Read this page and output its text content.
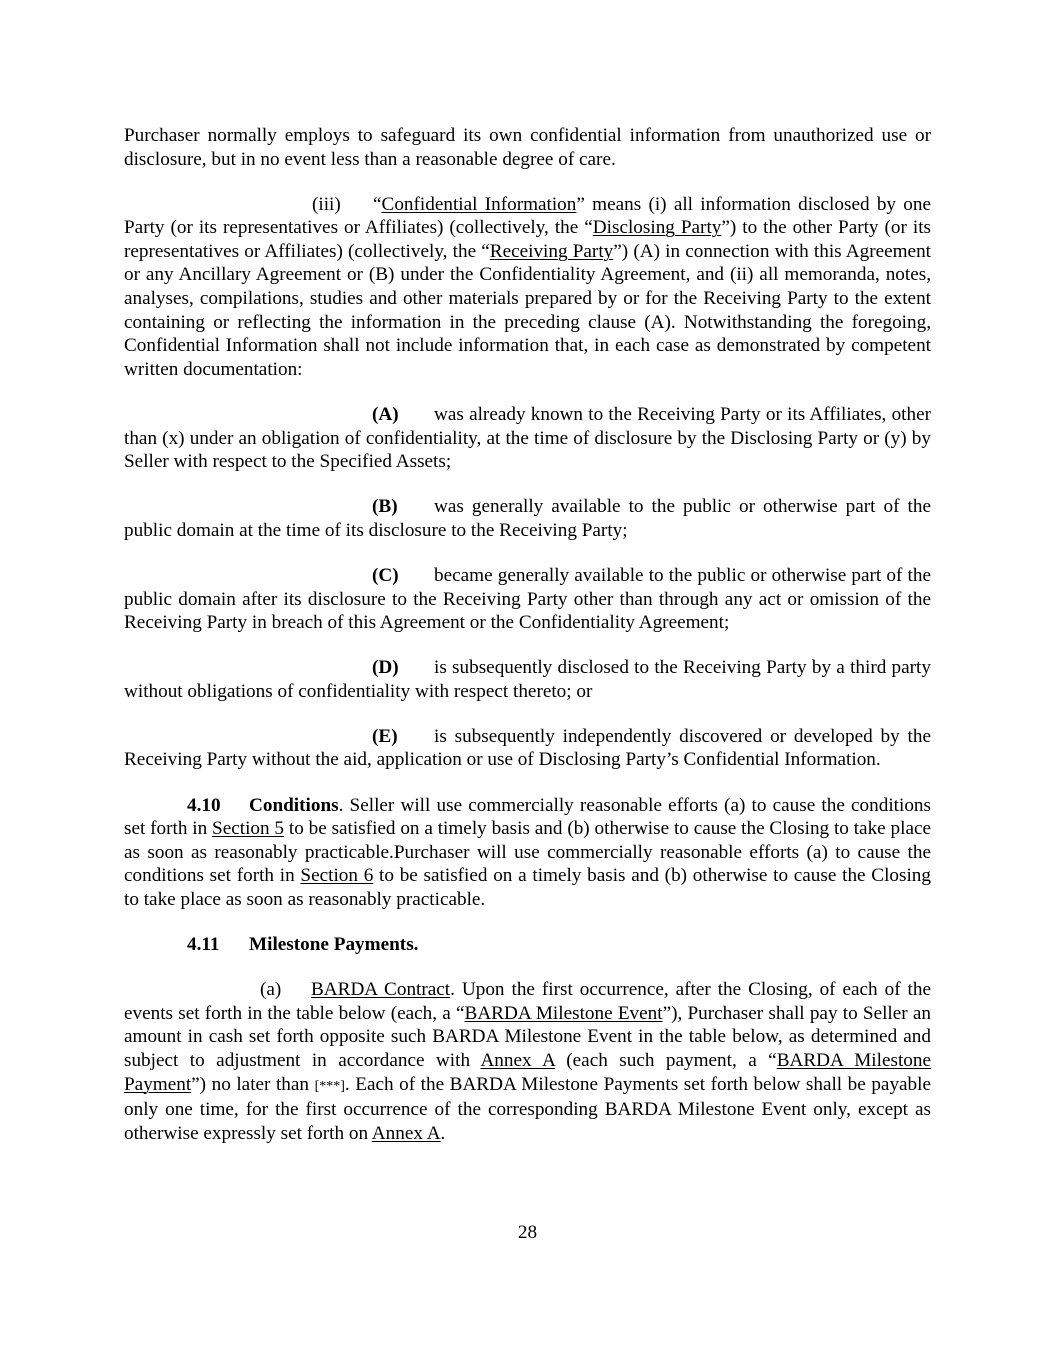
Purchaser normally employs to safeguard its own confidential information from unauthorized use or disclosure, but in no event less than a reasonable degree of care.

(iii) “Confidential Information” means (i) all information disclosed by one Party (or its representatives or Affiliates) (collectively, the “Disclosing Party”) to the other Party (or its representatives or Affiliates) (collectively, the “Receiving Party”) (A) in connection with this Agreement or any Ancillary Agreement or (B) under the Confidentiality Agreement, and (ii) all memoranda, notes, analyses, compilations, studies and other materials prepared by or for the Receiving Party to the extent containing or reflecting the information in the preceding clause (A). Notwithstanding the foregoing, Confidential Information shall not include information that, in each case as demonstrated by competent written documentation:

(A) was already known to the Receiving Party or its Affiliates, other than (x) under an obligation of confidentiality, at the time of disclosure by the Disclosing Party or (y) by Seller with respect to the Specified Assets;

(B) was generally available to the public or otherwise part of the public domain at the time of its disclosure to the Receiving Party;

(C) became generally available to the public or otherwise part of the public domain after its disclosure to the Receiving Party other than through any act or omission of the Receiving Party in breach of this Agreement or the Confidentiality Agreement;

(D) is subsequently disclosed to the Receiving Party by a third party without obligations of confidentiality with respect thereto; or

(E) is subsequently independently discovered or developed by the Receiving Party without the aid, application or use of Disclosing Party’s Confidential Information.

4.10 Conditions. Seller will use commercially reasonable efforts (a) to cause the conditions set forth in Section 5 to be satisfied on a timely basis and (b) otherwise to cause the Closing to take place as soon as reasonably practicable.Purchaser will use commercially reasonable efforts (a) to cause the conditions set forth in Section 6 to be satisfied on a timely basis and (b) otherwise to cause the Closing to take place as soon as reasonably practicable.

4.11 Milestone Payments.

(a) BARDA Contract. Upon the first occurrence, after the Closing, of each of the events set forth in the table below (each, a “BARDA Milestone Event”), Purchaser shall pay to Seller an amount in cash set forth opposite such BARDA Milestone Event in the table below, as determined and subject to adjustment in accordance with Annex A (each such payment, a “BARDA Milestone Payment”) no later than [***]. Each of the BARDA Milestone Payments set forth below shall be payable only one time, for the first occurrence of the corresponding BARDA Milestone Event only, except as otherwise expressly set forth on Annex A.

28
